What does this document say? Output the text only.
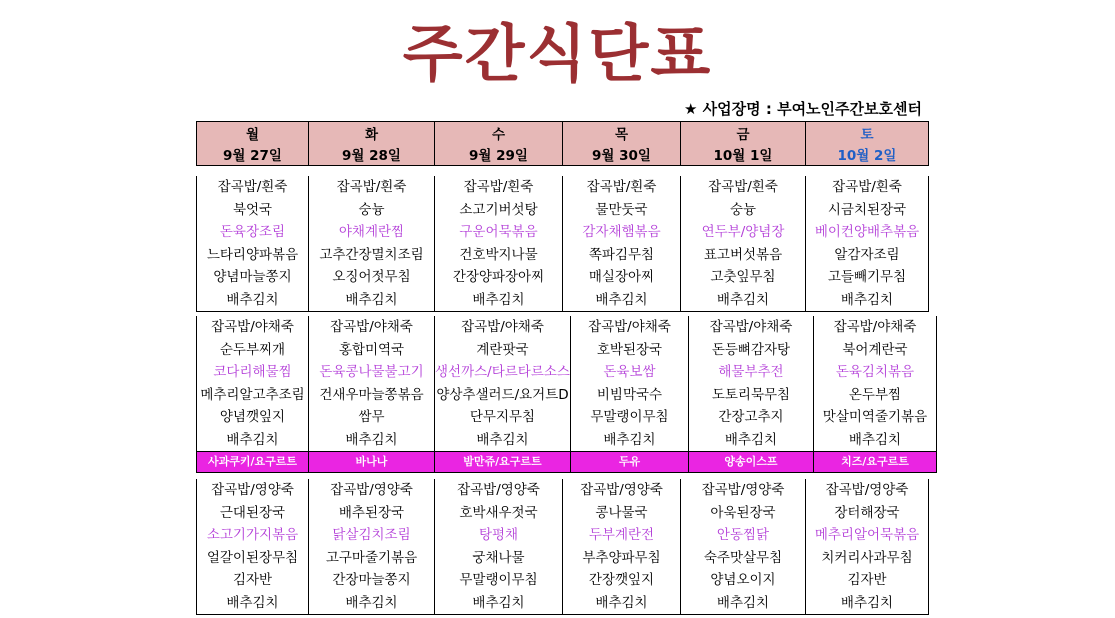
주간식단표
★ 사업장명 : 부여노인주간보호센터
월	화	수	목	금	토
9월 27일	9월 28일	9월 29일	9월 30일	10월 1일	10월 2일
잡곡밥/흰죽	잡곡밥/흰죽	잡곡밥/흰죽	잡곡밥/흰죽	잡곡밥/흰죽	잡곡밥/흰죽
북엇국	숭늉	소고기버섯탕	물만둣국	숭늉	시금치된장국
돈육장조림	야채계란찜	구운어묵볶음	감자채햄볶음	연두부/양념장	베이컨양배추볶음
느타리양파볶음	고추간장멸치조림	건호박지나물	쪽파김무침	표고버섯볶음	알감자조림
양념마늘쫑지	오징어젓무침	간장양파장아찌	매실장아찌	고춧잎무침	고들빼기무침
배추김치	배추김치	배추김치	배추김치	배추김치	배추김치
잡곡밥/야채죽	잡곡밥/야채죽	잡곡밥/야채죽	잡곡밥/야채죽	잡곡밥/야채죽	잡곡밥/야채죽
순두부찌개	홍합미역국	계란팟국	호박된장국	돈등뼈감자탕	북어계란국
코다리해물찜	돈육콩나물불고기	생선까스/타르타르소스	돈육보쌈	해물부추전	돈육김치볶음
메추리알고추조림	건새우마늘쫑볶음	양상추샐러드/요거트D	비빔막국수	도토리묵무침	온두부찜
양념깻잎지	쌈무	단무지무침	무말랭이무침	간장고추지	맛살미역줄기볶음
배추김치	배추김치	배추김치	배추김치	배추김치	배추김치
사과쿠키/요구르트	바나나	밤만쥬/요구르트	두유	양송이스프	치즈/요구르트
잡곡밥/영양죽	잡곡밥/영양죽	잡곡밥/영양죽	잡곡밥/영양죽	잡곡밥/영양죽	잡곡밥/영양죽
근대된장국	배추된장국	호박새우젓국	콩나물국	아욱된장국	장터해장국
소고기가지볶음	닭살김치조림	탕평채	두부계란전	안동찜닭	메추리알어묵볶음
얼갈이된장무침	고구마줄기볶음	궁채나물	부추양파무침	숙주맛살무침	치커리사과무침
김자반	간장마늘쫑지	무말랭이무침	간장깻잎지	양념오이지	김자반
배추김치	배추김치	배추김치	배추김치	배추김치	배추김치
